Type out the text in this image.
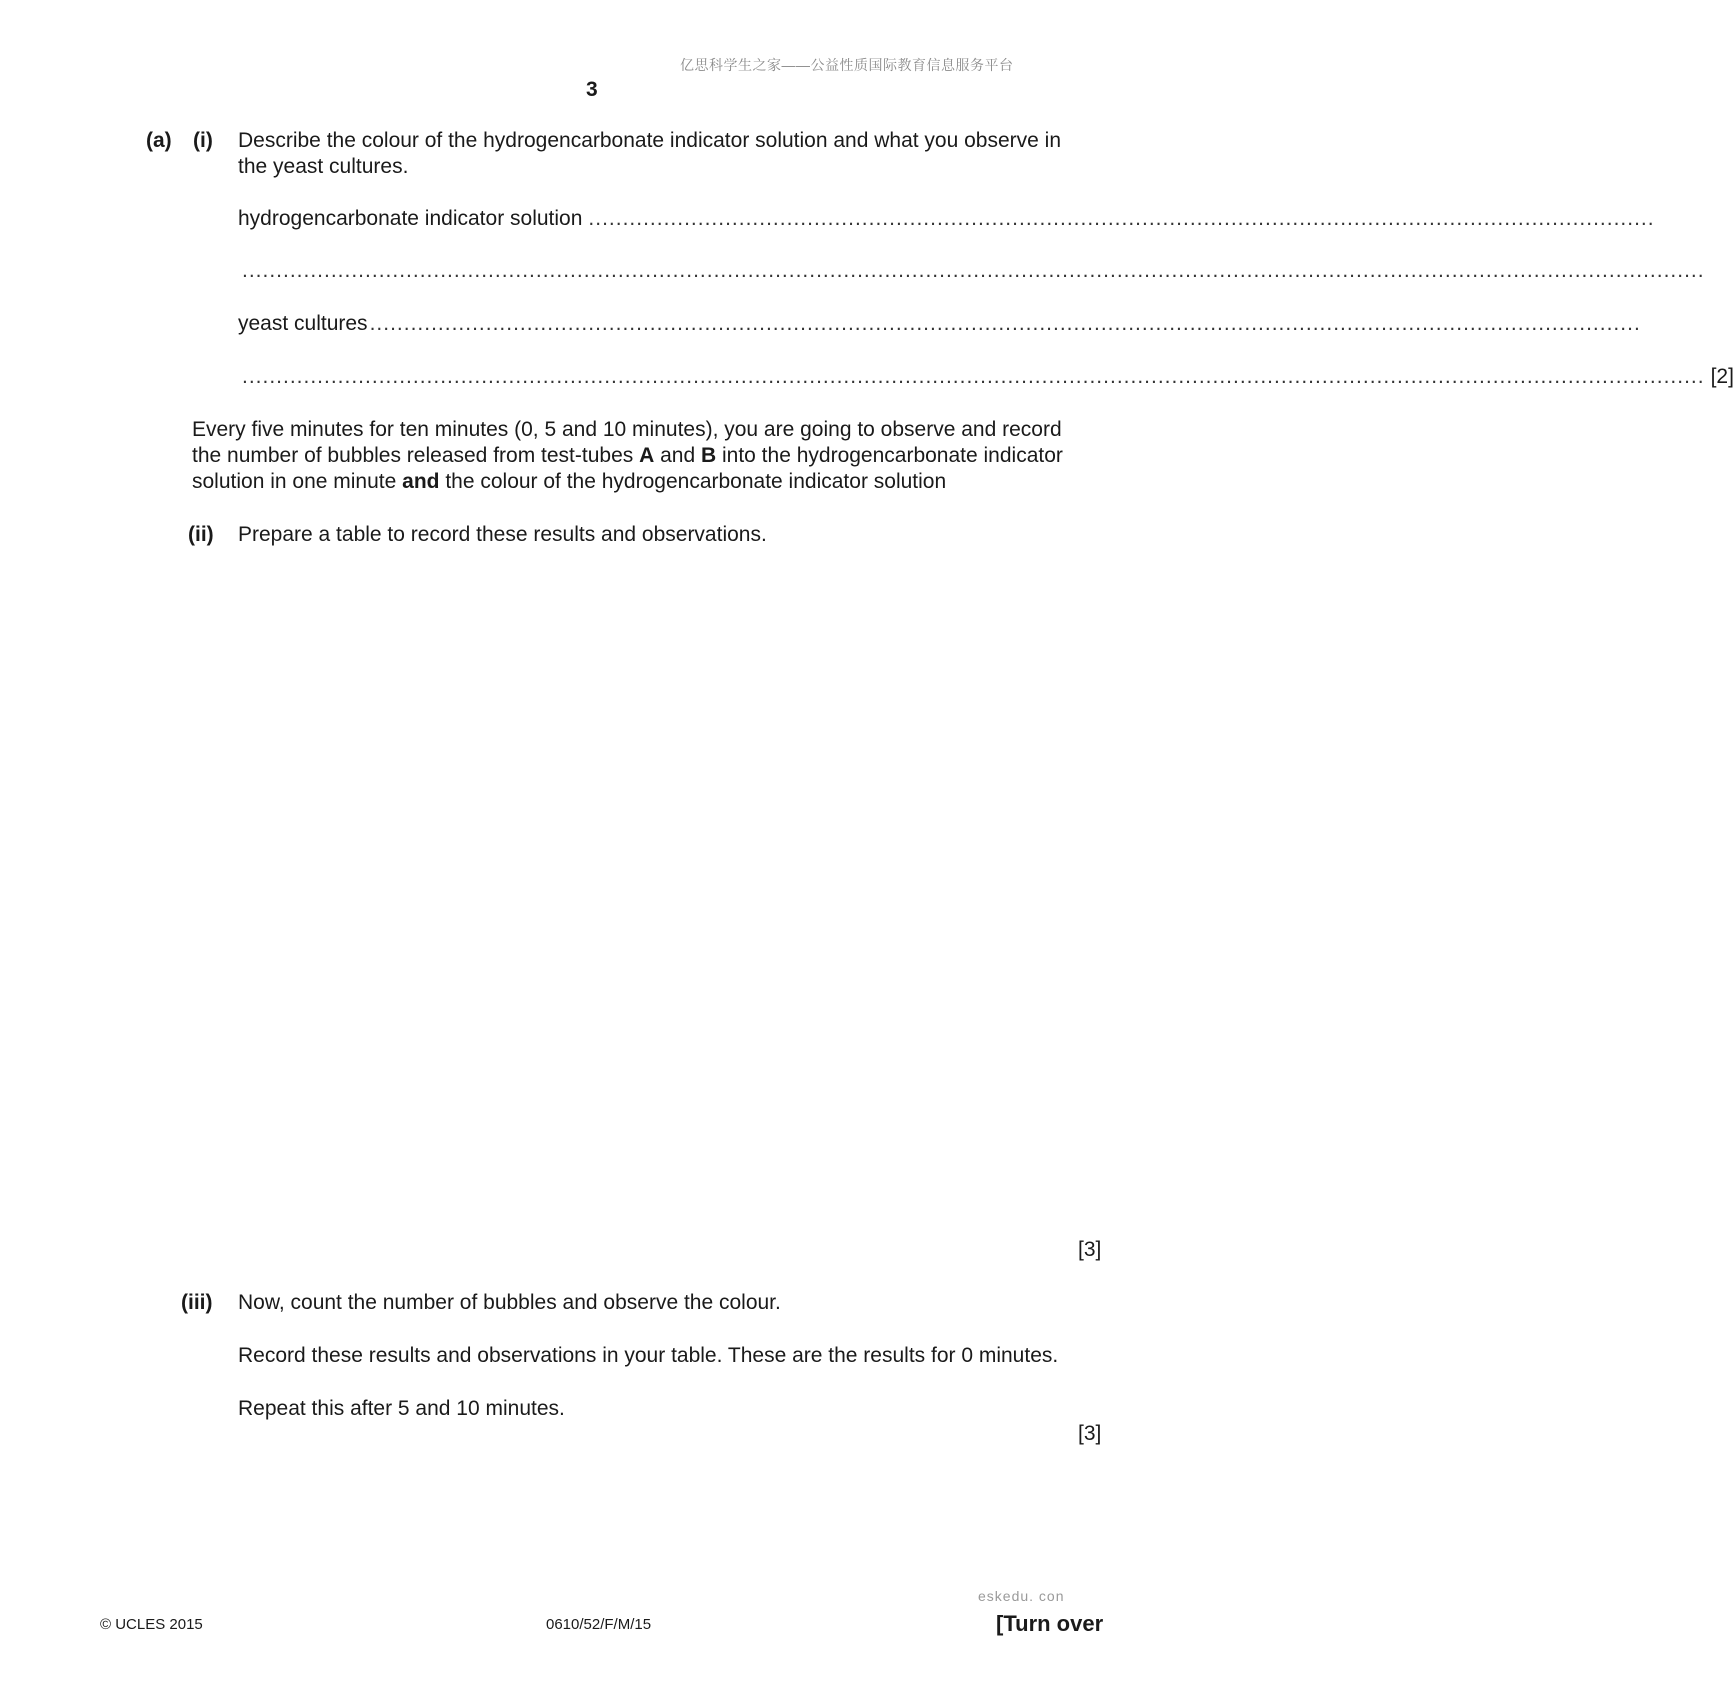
亿思科学生之家——公益性质国际教育信息服务平台
3
(a) (i) Describe the colour of the hydrogencarbonate indicator solution and what you observe in
the yeast cultures.
hydrogencarbonate indicator solution ............................................................................................................................................................
......................................................................................................................................................................................................................
yeast cultures ..........................................................................................................................................................................................
...................................................................................................................................................................................................................... [2]
Every five minutes for ten minutes (0, 5 and 10 minutes), you are going to observe and record
the number of bubbles released from test-tubes A and B into the hydrogencarbonate indicator
solution in one minute and the colour of the hydrogencarbonate indicator solution
(ii) Prepare a table to record these results and observations.
[3]
(iii) Now, count the number of bubbles and observe the colour.
Record these results and observations in your table. These are the results for 0 minutes.
Repeat this after 5 and 10 minutes.
[3]
eskedu. con
© UCLES 2015	0610/52/F/M/15	[Turn over
